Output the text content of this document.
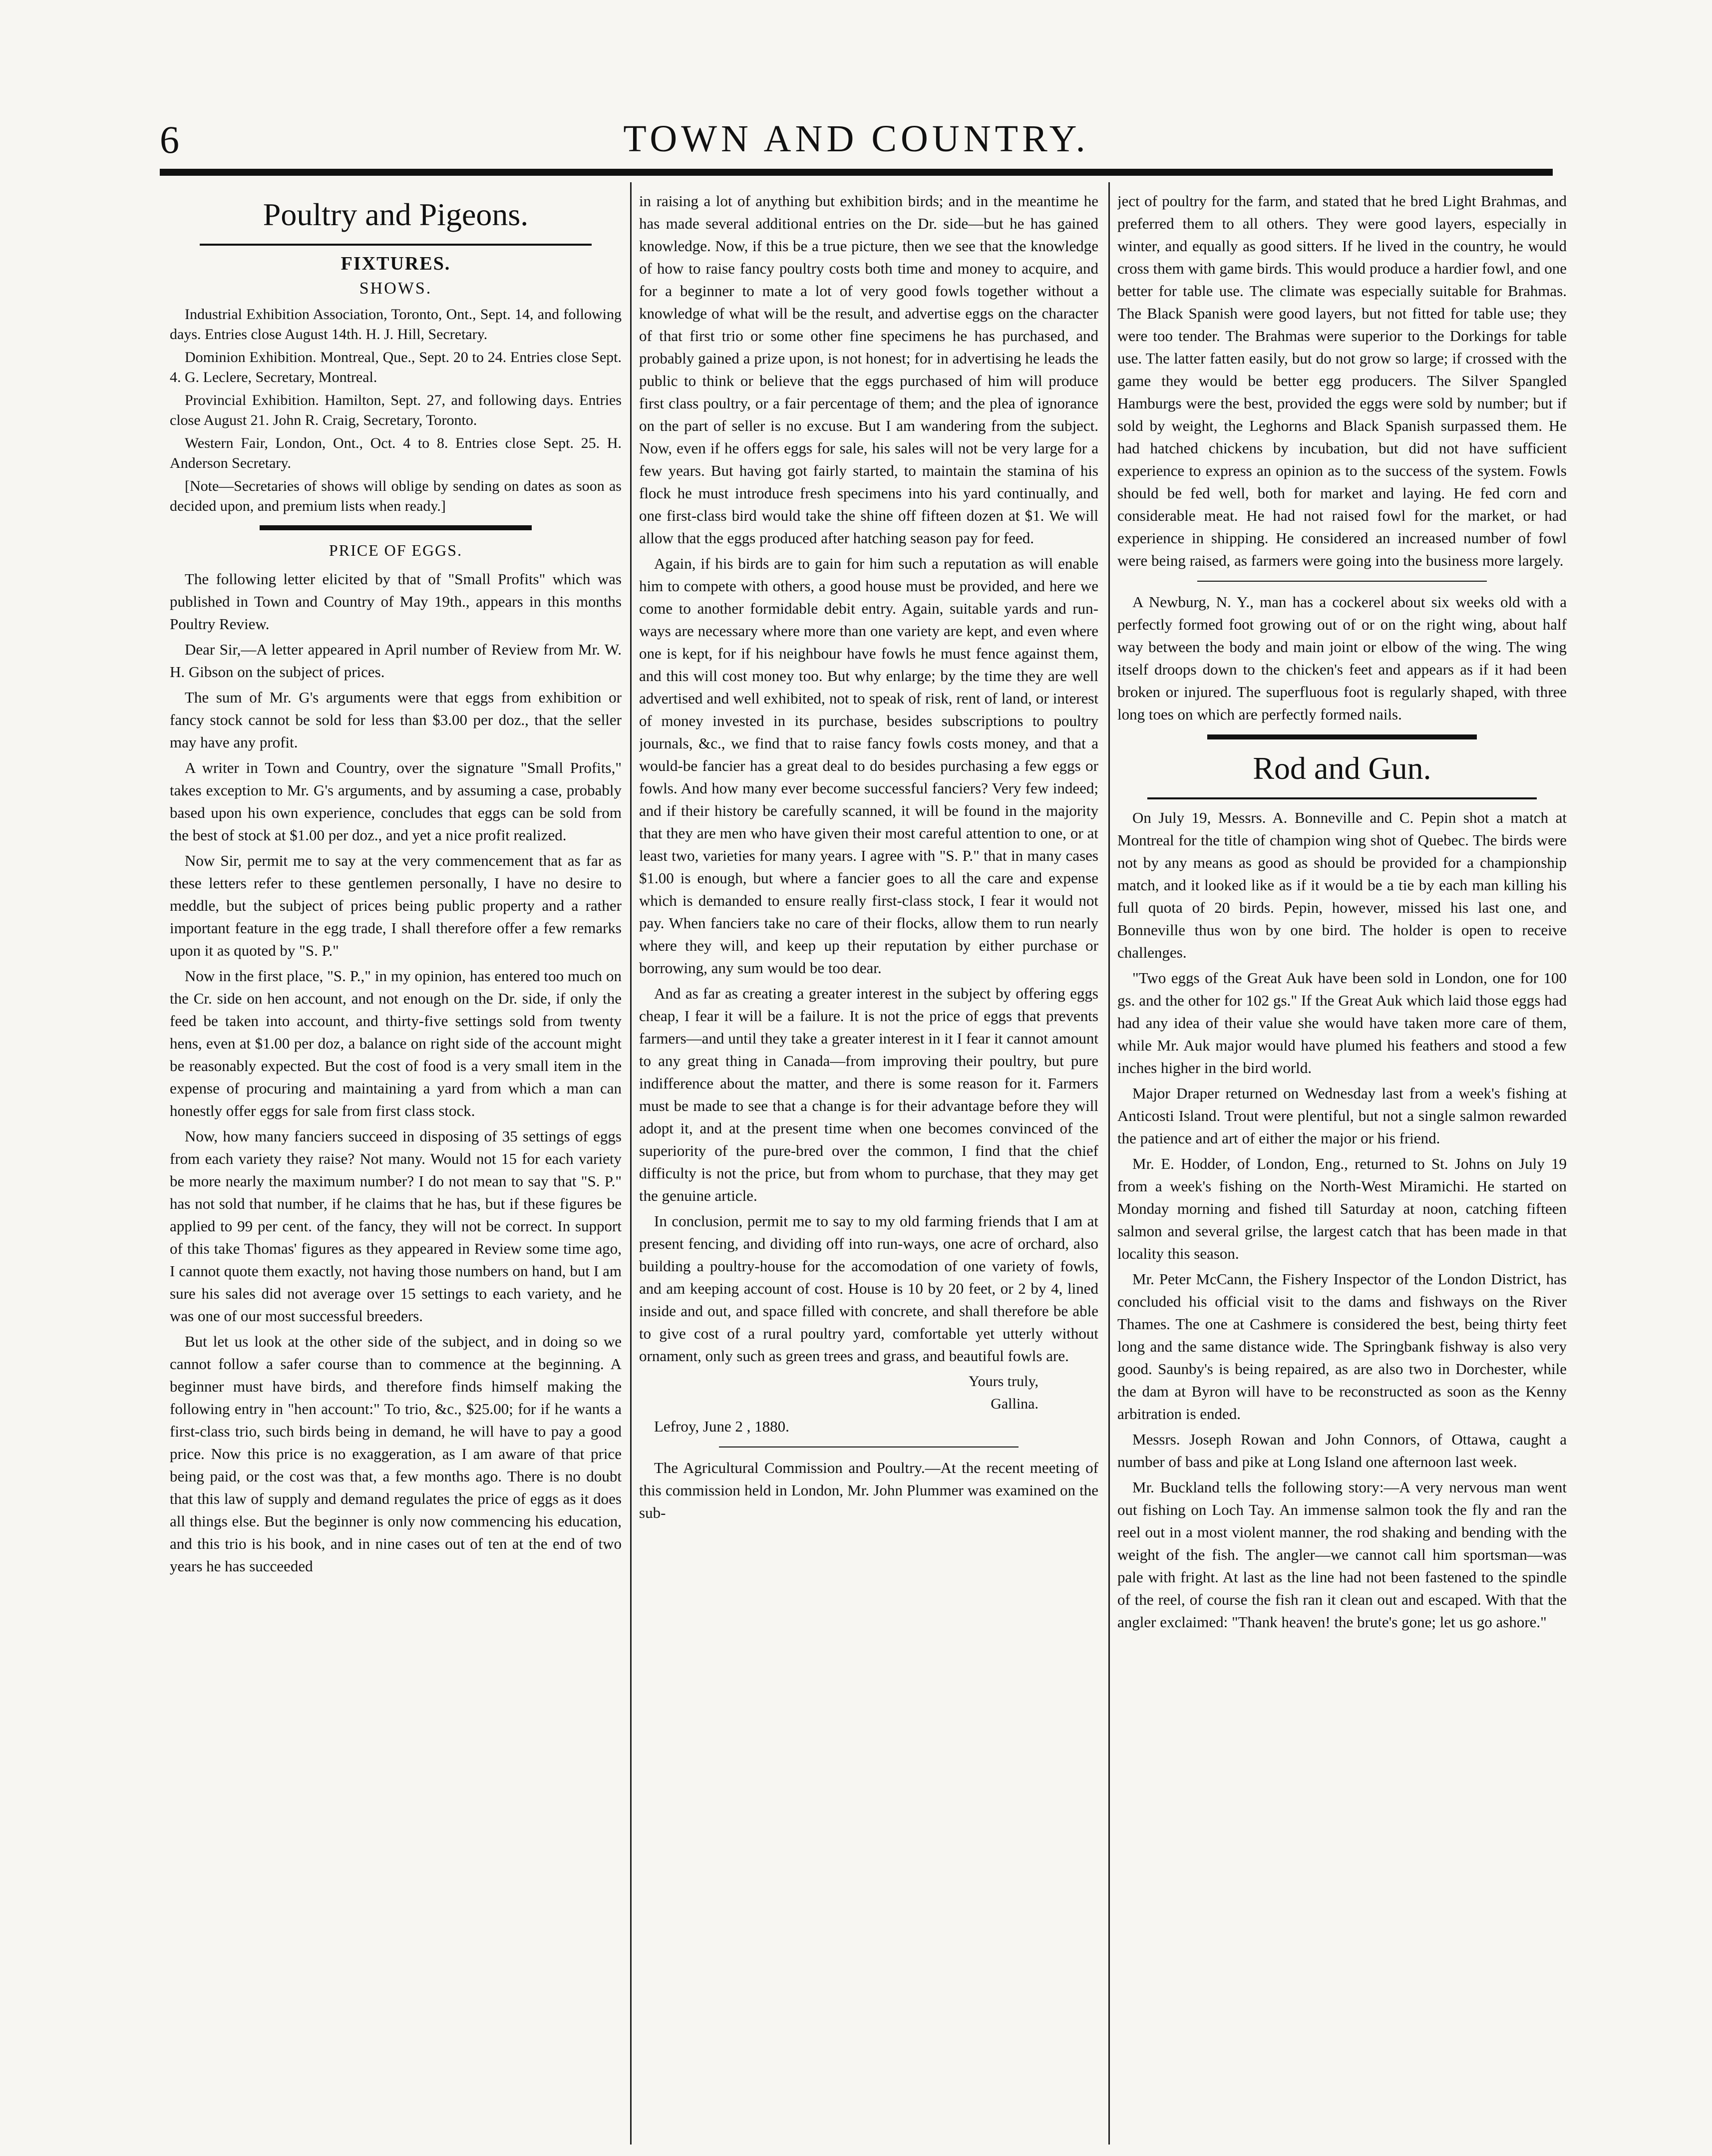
6	TOWN AND COUNTRY.
Poultry and Pigeons.
FIXTURES.
SHOWS.

Industrial Exhibition Association, Toronto, Ont., Sept. 14, and following days. Entries close August 14th. H. J. Hill, Secretary.

Dominion Exhibition. Montreal, Que., Sept. 20 to 24. Entries close Sept. 4. G. Leclere, Secretary, Montreal.

Provincial Exhibition. Hamilton, Sept. 27, and following days. Entries close August 21. John R. Craig, Secretary, Toronto.

Western Fair, London, Ont., Oct. 4 to 8. Entries close Sept. 25. H. Anderson Secretary.

[Note—Secretaries of shows will oblige by sending on dates as soon as decided upon, and premium lists when ready.]

PRICE OF EGGS.

The following letter elicited by that of "Small Profits" which was published in Town and Country of May 19th., appears in this months Poultry Review.

Dear Sir,—A letter appeared in April number of Review from Mr. W. H. Gibson on the subject of prices.

The sum of Mr. G's arguments were that eggs from exhibition or fancy stock cannot be sold for less than $3.00 per doz., that the seller may have any profit.

A writer in Town and Country, over the signature "Small Profits," takes exception to Mr. G's arguments, and by assuming a case, probably based upon his own experience, concludes that eggs can be sold from the best of stock at $1.00 per doz., and yet a nice profit realized.

Now Sir, permit me to say at the very commencement that as far as these letters refer to these gentlemen personally, I have no desire to meddle, but the subject of prices being public property and a rather important feature in the egg trade, I shall therefore offer a few remarks upon it as quoted by "S. P."

Now in the first place, "S. P.," in my opinion, has entered too much on the Cr. side on hen account, and not enough on the Dr. side, if only the feed be taken into account, and thirty-five settings sold from twenty hens, even at $1.00 per doz, a balance on right side of the account might be reasonably expected. But the cost of food is a very small item in the expense of procuring and maintaining a yard from which a man can honestly offer eggs for sale from first class stock.

Now, how many fanciers succeed in disposing of 35 settings of eggs from each variety they raise? Not many. Would not 15 for each variety be more nearly the maximum number? I do not mean to say that "S. P." has not sold that number, if he claims that he has, but if these figures be applied to 99 per cent. of the fancy, they will not be correct. In support of this take Thomas' figures as they appeared in Review some time ago, I cannot quote them exactly, not having those numbers on hand, but I am sure his sales did not average over 15 settings to each variety, and he was one of our most successful breeders.

But let us look at the other side of the subject, and in doing so we cannot follow a safer course than to commence at the beginning. A beginner must have birds, and therefore finds himself making the following entry in "hen account:" To trio, &c., $25.00; for if he wants a first-class trio, such birds being in demand, he will have to pay a good price. Now this price is no exaggeration, as I am aware of that price being paid, or the cost was that, a few months ago. There is no doubt that this law of supply and demand regulates the price of eggs as it does all things else. But the beginner is only now commencing his education, and this trio is his book, and in nine cases out of ten at the end of two years he has succeeded

in raising a lot of anything but exhibition birds; and in the meantime he has made several additional entries on the Dr. side—but he has gained knowledge. Now, if this be a true picture, then we see that the knowledge of how to raise fancy poultry costs both time and money to acquire, and for a beginner to mate a lot of very good fowls together without a knowledge of what will be the result, and advertise eggs on the character of that first trio or some other fine specimens he has purchased, and probably gained a prize upon, is not honest; for in advertising he leads the public to think or believe that the eggs purchased of him will produce first class poultry, or a fair percentage of them; and the plea of ignorance on the part of seller is no excuse. But I am wandering from the subject. Now, even if he offers eggs for sale, his sales will not be very large for a few years. But having got fairly started, to maintain the stamina of his flock he must introduce fresh specimens into his yard continually, and one first-class bird would take the shine off fifteen dozen at $1. We will allow that the eggs produced after hatching season pay for feed.

Again, if his birds are to gain for him such a reputation as will enable him to compete with others, a good house must be provided, and here we come to another formidable debit entry. Again, suitable yards and run-ways are necessary where more than one variety are kept, and even where one is kept, for if his neighbour have fowls he must fence against them, and this will cost money too. But why enlarge; by the time they are well advertised and well exhibited, not to speak of risk, rent of land, or interest of money invested in its purchase, besides subscriptions to poultry journals, &c., we find that to raise fancy fowls costs money, and that a would-be fancier has a great deal to do besides purchasing a few eggs or fowls. And how many ever become successful fanciers? Very few indeed; and if their history be carefully scanned, it will be found in the majority that they are men who have given their most careful attention to one, or at least two, varieties for many years. I agree with "S. P." that in many cases $1.00 is enough, but where a fancier goes to all the care and expense which is demanded to ensure really first-class stock, I fear it would not pay. When fanciers take no care of their flocks, allow them to run nearly where they will, and keep up their reputation by either purchase or borrowing, any sum would be too dear.

And as far as creating a greater interest in the subject by offering eggs cheap, I fear it will be a failure. It is not the price of eggs that prevents farmers—and until they take a greater interest in it I fear it cannot amount to any great thing in Canada—from improving their poultry, but pure indifference about the matter, and there is some reason for it. Farmers must be made to see that a change is for their advantage before they will adopt it, and at the present time when one becomes convinced of the superiority of the pure-bred over the common, I find that the chief difficulty is not the price, but from whom to purchase, that they may get the genuine article.

In conclusion, permit me to say to my old farming friends that I am at present fencing, and dividing off into run-ways, one acre of orchard, also building a poultry-house for the accomodation of one variety of fowls, and am keeping account of cost. House is 10 by 20 feet, or 2 by 4, lined inside and out, and space filled with concrete, and shall therefore be able to give cost of a rural poultry yard, comfortable yet utterly without ornament, only such as green trees and grass, and beautiful fowls are.

Yours truly,
Gallina.

Lefroy, June 2 , 1880.

The Agricultural Commission and Poultry.—At the recent meeting of this commission held in London, Mr. John Plummer was examined on the sub-

ject of poultry for the farm, and stated that he bred Light Brahmas, and preferred them to all others. They were good layers, especially in winter, and equally as good sitters. If he lived in the country, he would cross them with game birds. This would produce a hardier fowl, and one better for table use. The climate was especially suitable for Brahmas. The Black Spanish were good layers, but not fitted for table use; they were too tender. The Brahmas were superior to the Dorkings for table use. The latter fatten easily, but do not grow so large; if crossed with the game they would be better egg producers. The Silver Spangled Hamburgs were the best, provided the eggs were sold by number; but if sold by weight, the Leghorns and Black Spanish surpassed them. He had hatched chickens by incubation, but did not have sufficient experience to express an opinion as to the success of the system. Fowls should be fed well, both for market and laying. He fed corn and considerable meat. He had not raised fowl for the market, or had experience in shipping. He considered an increased number of fowl were being raised, as farmers were going into the business more largely.

A Newburg, N. Y., man has a cockerel about six weeks old with a perfectly formed foot growing out of or on the right wing, about half way between the body and main joint or elbow of the wing. The wing itself droops down to the chicken's feet and appears as if it had been broken or injured. The superfluous foot is regularly shaped, with three long toes on which are perfectly formed nails.

Rod and Gun.

On July 19, Messrs. A. Bonneville and C. Pepin shot a match at Montreal for the title of champion wing shot of Quebec. The birds were not by any means as good as should be provided for a championship match, and it looked like as if it would be a tie by each man killing his full quota of 20 birds. Pepin, however, missed his last one, and Bonneville thus won by one bird. The holder is open to receive challenges.

"Two eggs of the Great Auk have been sold in London, one for 100 gs. and the other for 102 gs." If the Great Auk which laid those eggs had had any idea of their value she would have taken more care of them, while Mr. Auk major would have plumed his feathers and stood a few inches higher in the bird world.

Major Draper returned on Wednesday last from a week's fishing at Anticosti Island. Trout were plentiful, but not a single salmon rewarded the patience and art of either the major or his friend.

Mr. E. Hodder, of London, Eng., returned to St. Johns on July 19 from a week's fishing on the North-West Miramichi. He started on Monday morning and fished till Saturday at noon, catching fifteen salmon and several grilse, the largest catch that has been made in that locality this season.

Mr. Peter McCann, the Fishery Inspector of the London District, has concluded his official visit to the dams and fishways on the River Thames. The one at Cashmere is considered the best, being thirty feet long and the same distance wide. The Springbank fishway is also very good. Saunby's is being repaired, as are also two in Dorchester, while the dam at Byron will have to be reconstructed as soon as the Kenny arbitration is ended.

Messrs. Joseph Rowan and John Connors, of Ottawa, caught a number of bass and pike at Long Island one afternoon last week.

Mr. Buckland tells the following story:—A very nervous man went out fishing on Loch Tay. An immense salmon took the fly and ran the reel out in a most violent manner, the rod shaking and bending with the weight of the fish. The angler—we cannot call him sportsman—was pale with fright. At last as the line had not been fastened to the spindle of the reel, of course the fish ran it clean out and escaped. With that the angler exclaimed: "Thank heaven! the brute's gone; let us go ashore."
